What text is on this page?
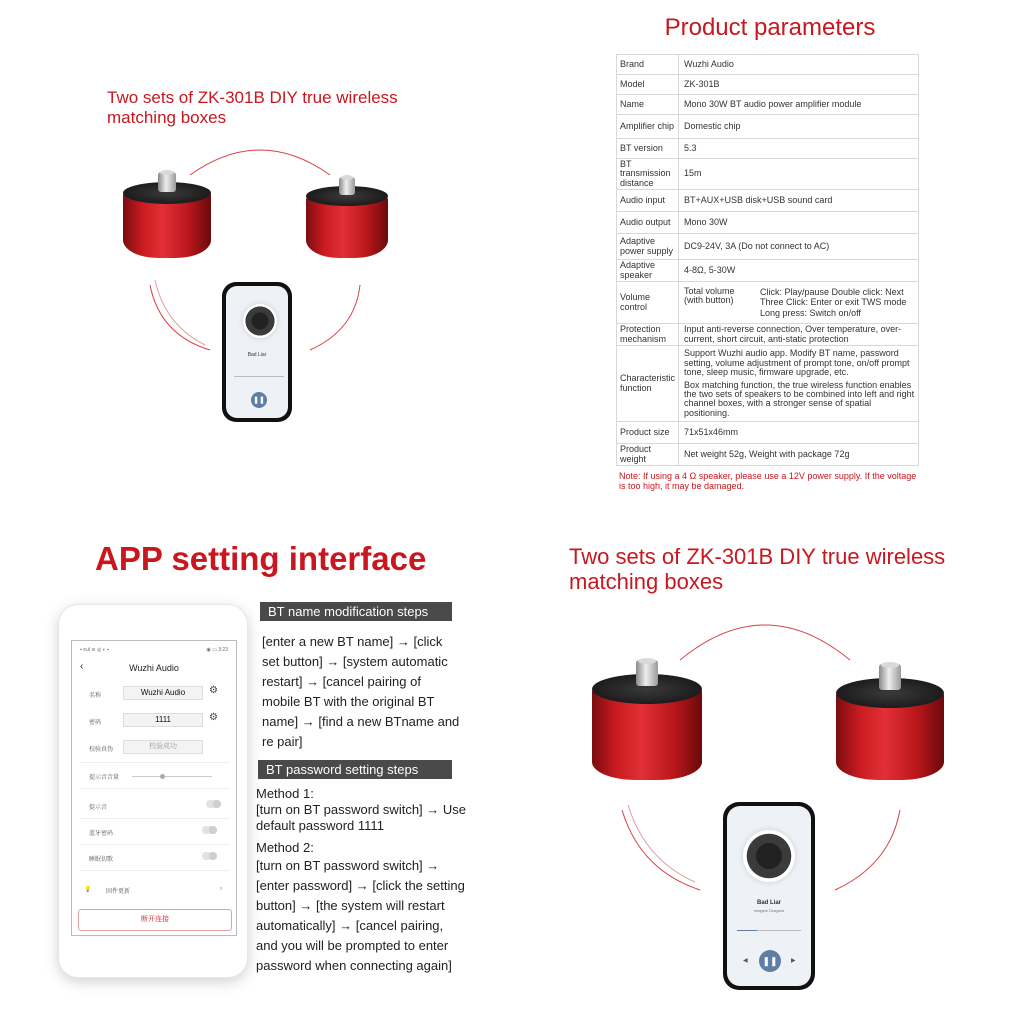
Two sets of ZK-301B DIY true wireless matching boxes
Bad Liar
❚❚
Product parameters
Brand	Wuzhi Audio
Model	ZK-301B
Name	Mono 30W BT audio power amplifier module
Amplifier chip	Domestic chip
BT version	5.3
BT transmission distance	15m
Audio input	BT+AUX+USB disk+USB sound card
Audio output	Mono 30W
Adaptive power supply	DC9-24V, 3A (Do not connect to AC)
Adaptive speaker	4-8Ω, 5-30W
Volume control	Total volume (with button)
Click: Play/pause Double click: Next
Three Click: Enter or exit TWS mode
Long press: Switch on/off

Protection mechanism	Input anti-reverse connection, Over temperature, over-current, short circuit, anti-static protection
Characteristic function	Support Wuzhi audio app. Modify BT name, password setting, volume adjustment of prompt tone, on/off prompt tone, sleep music, firmware upgrade, etc.
Box matching function, the true wireless function enables the two sets of speakers to be combined into left and right channel boxes, with a stronger sense of spatial positioning.

Product size	71x51x46mm
Product weight	Net weight 52g, Weight with package 72g
Note: If using a 4 Ω speaker, please use a 12V power supply. If the voltage is too high, it may be damaged.
APP setting interface
▪ ≡ul ≋ ◎ ◐ ▪	◉ ▭ 3:23
‹	Wuzhi Audio
名称	Wuzhi Audio	⚙
密码	1111	⚙
校验真伪	校验成功
提示音音量
提示音
蓝牙密码
睡眠切歌
💡 固件更新	›
断开连接
BT name modification steps
[enter a new BT name] → [click set button] → [system automatic restart] → [cancel pairing of mobile BT with the original BT name] → [find a new BTname and re pair]
BT password setting steps
Method 1:
[turn on BT password switch] → Use default password 1111
Method 2:
[turn on BT password switch] → [enter password] → [click the setting button] → [the system will restart automatically] → [cancel pairing, and you will be prompted to enter password when connecting again]
Two sets of ZK-301B DIY true wireless matching boxes
Bad Liar
Imagine Dragons
❚❚
◀	▶
